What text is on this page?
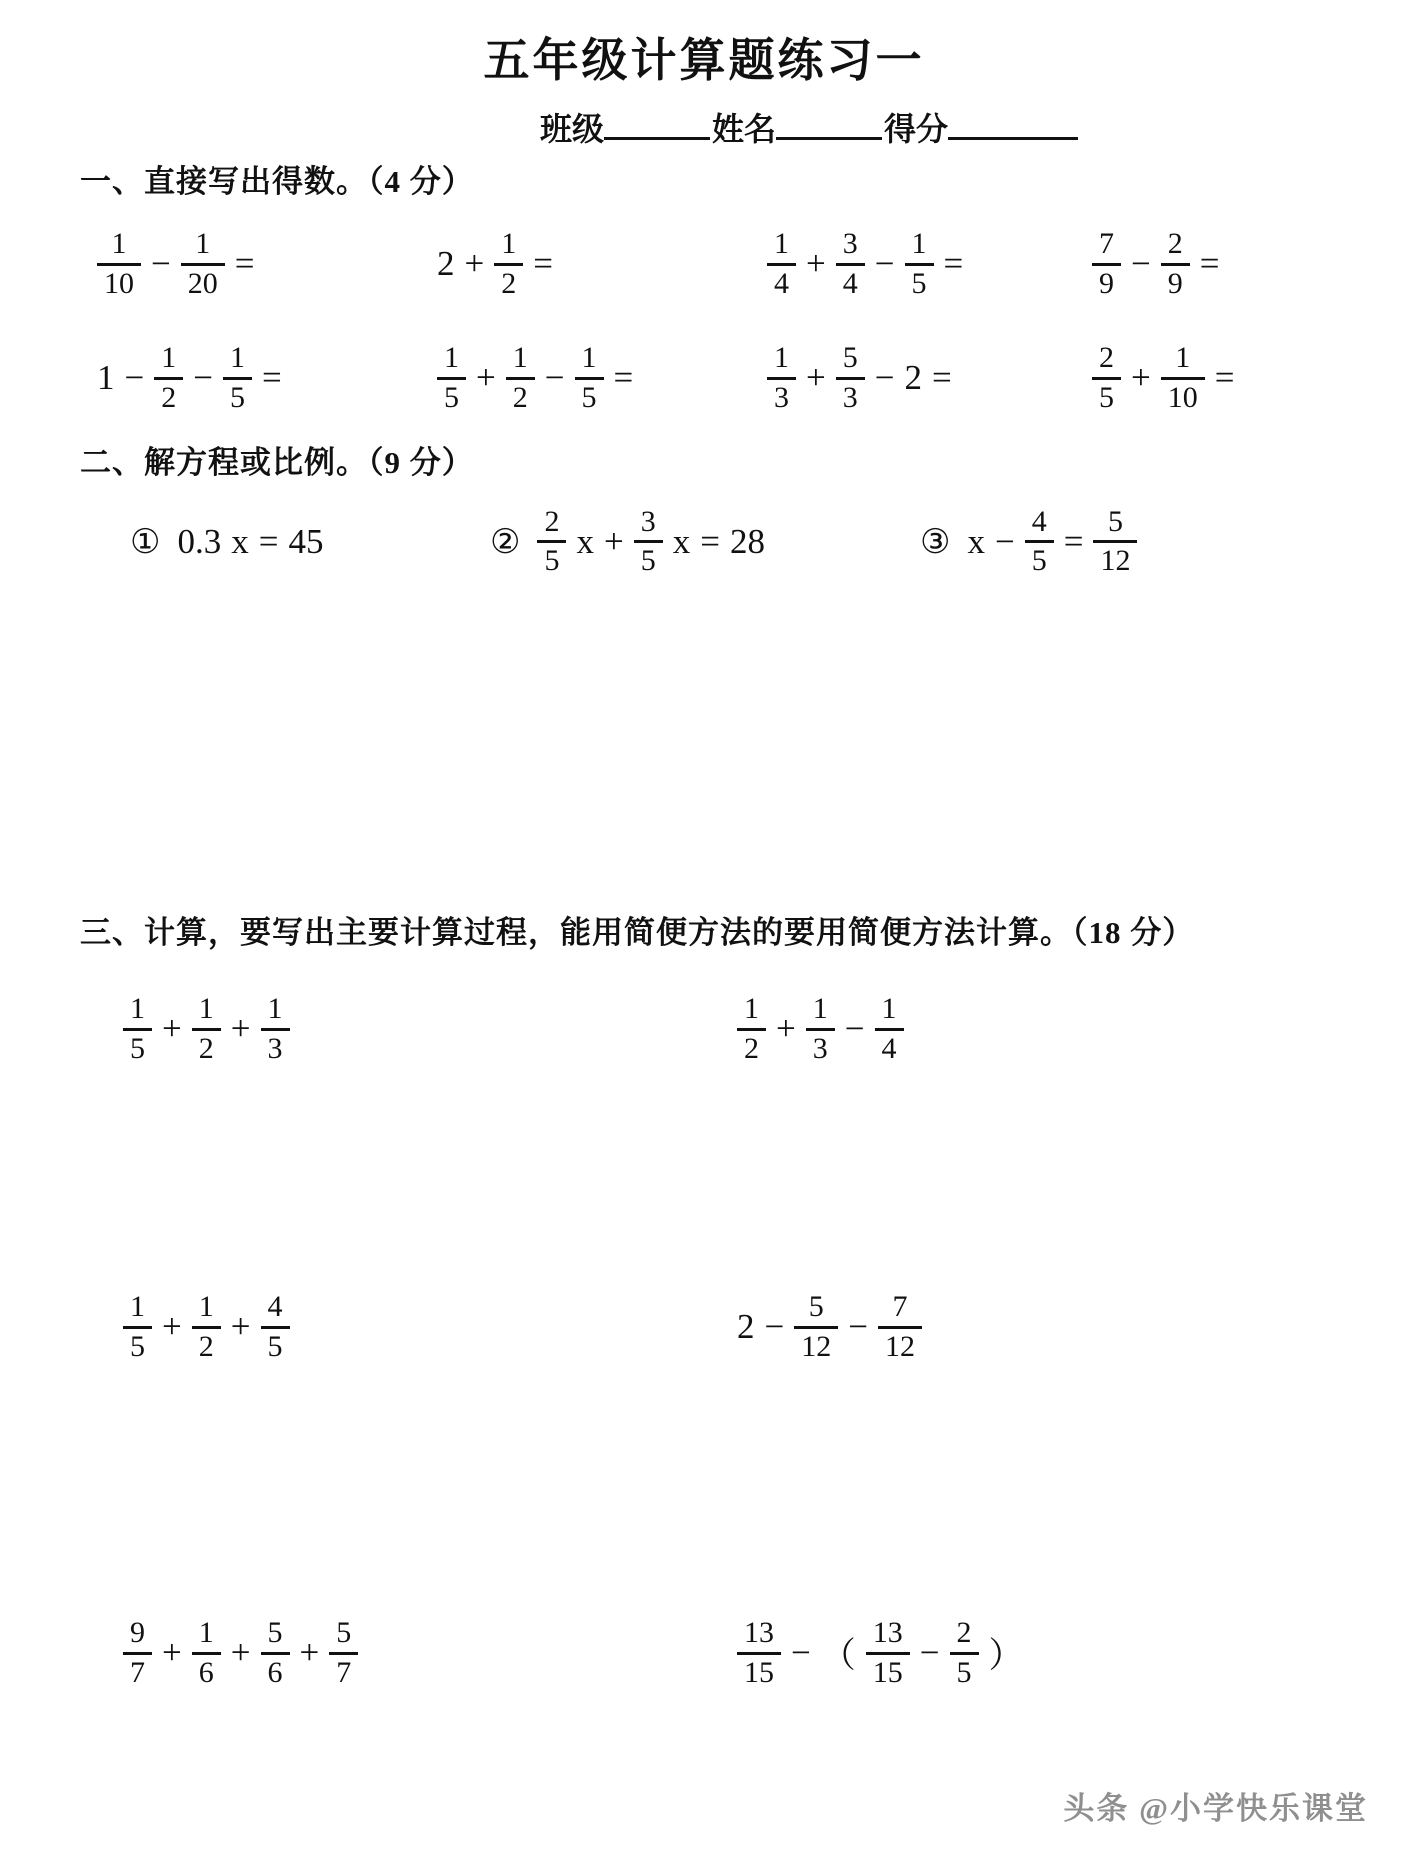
五年级计算题练习一
班级	姓名	得分
一、直接写出得数。（4 分）
$\frac{1}{10} - \frac{1}{20}$ =	$2 + \frac{1}{2}$ =	$\frac{1}{4} + \frac{3}{4} - \frac{1}{5}$ =	$\frac{7}{9} - \frac{2}{9}$ =
$1 - \frac{1}{2} - \frac{1}{5}$ =	$\frac{1}{5} + \frac{1}{2} - \frac{1}{5}$ =	$\frac{1}{3} + \frac{5}{3} - 2$ =	$\frac{2}{5} + \frac{1}{10}$ =
二、解方程或比例。（9 分）
① 0.3 x = 45	② $\frac{2}{5}$ $x + \frac{3}{5}$ x = 28	③ $x - \frac{4}{5} = \frac{5}{12}$
三、计算，要写出主要计算过程，能用简便方法的要用简便方法计算。（18 分）
$\frac{1}{5} + \frac{1}{2} + \frac{1}{3}$	$\frac{1}{2} + \frac{1}{3} - \frac{1}{4}$
$\frac{1}{5} + \frac{1}{2} + \frac{4}{5}$	$2 - \frac{5}{12} - \frac{7}{12}$
$\frac{9}{7} + \frac{1}{6} + \frac{5}{6} + \frac{5}{7}$	$\frac{13}{15}$ − （ $\frac{13}{15} - \frac{2}{5}$ ）
头条 @小学快乐课堂
